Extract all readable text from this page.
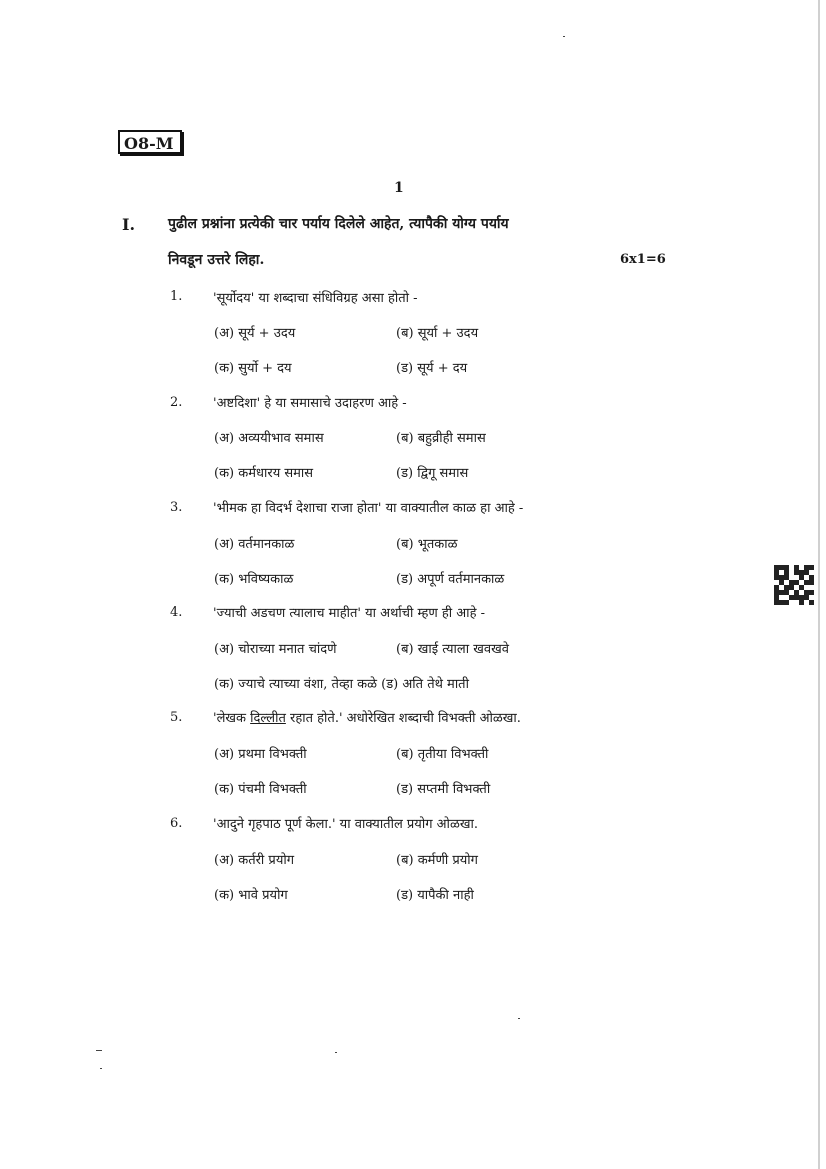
O8-M
1
I. पुढील प्रश्नांना प्रत्येकी चार पर्याय दिलेले आहेत, त्यापैकी योग्य पर्याय
निवडून उत्तरे लिहा.	6x1=6
1. 'सूर्योदय' या शब्दाचा संधिविग्रह असा होतो -
(अ) सूर्य + उदय	(ब) सूर्या + उदय
(क) सुर्यो + दय	(ड) सूर्य + दय
2. 'अष्टदिशा' हे या समासाचे उदाहरण आहे -
(अ) अव्ययीभाव समास	(ब) बहुव्रीही समास
(क) कर्मधारय समास	(ड) द्विगू समास
3. 'भीमक हा विदर्भ देशाचा राजा होता' या वाक्यातील काळ हा आहे -
(अ) वर्तमानकाळ	(ब) भूतकाळ
(क) भविष्यकाळ	(ड) अपूर्ण वर्तमानकाळ
4. 'ज्याची अडचण त्यालाच माहीत' या अर्थाची म्हण ही आहे -
(अ) चोराच्या मनात चांदणे	(ब) खाई त्याला खवखवे
(क) ज्याचे त्याच्या वंशा, तेव्हा कळे (ड) अति तेथे माती
5. 'लेखक दिल्लीत रहात होते.' अधोरेखित शब्दाची विभक्ती ओळखा.
(अ) प्रथमा विभक्ती	(ब) तृतीया विभक्ती
(क) पंचमी विभक्ती	(ड) सप्तमी विभक्ती
6. 'आदुने गृहपाठ पूर्ण केला.' या वाक्यातील प्रयोग ओळखा.
(अ) कर्तरी प्रयोग	(ब) कर्मणी प्रयोग
(क) भावे प्रयोग	(ड) यापैकी नाही
